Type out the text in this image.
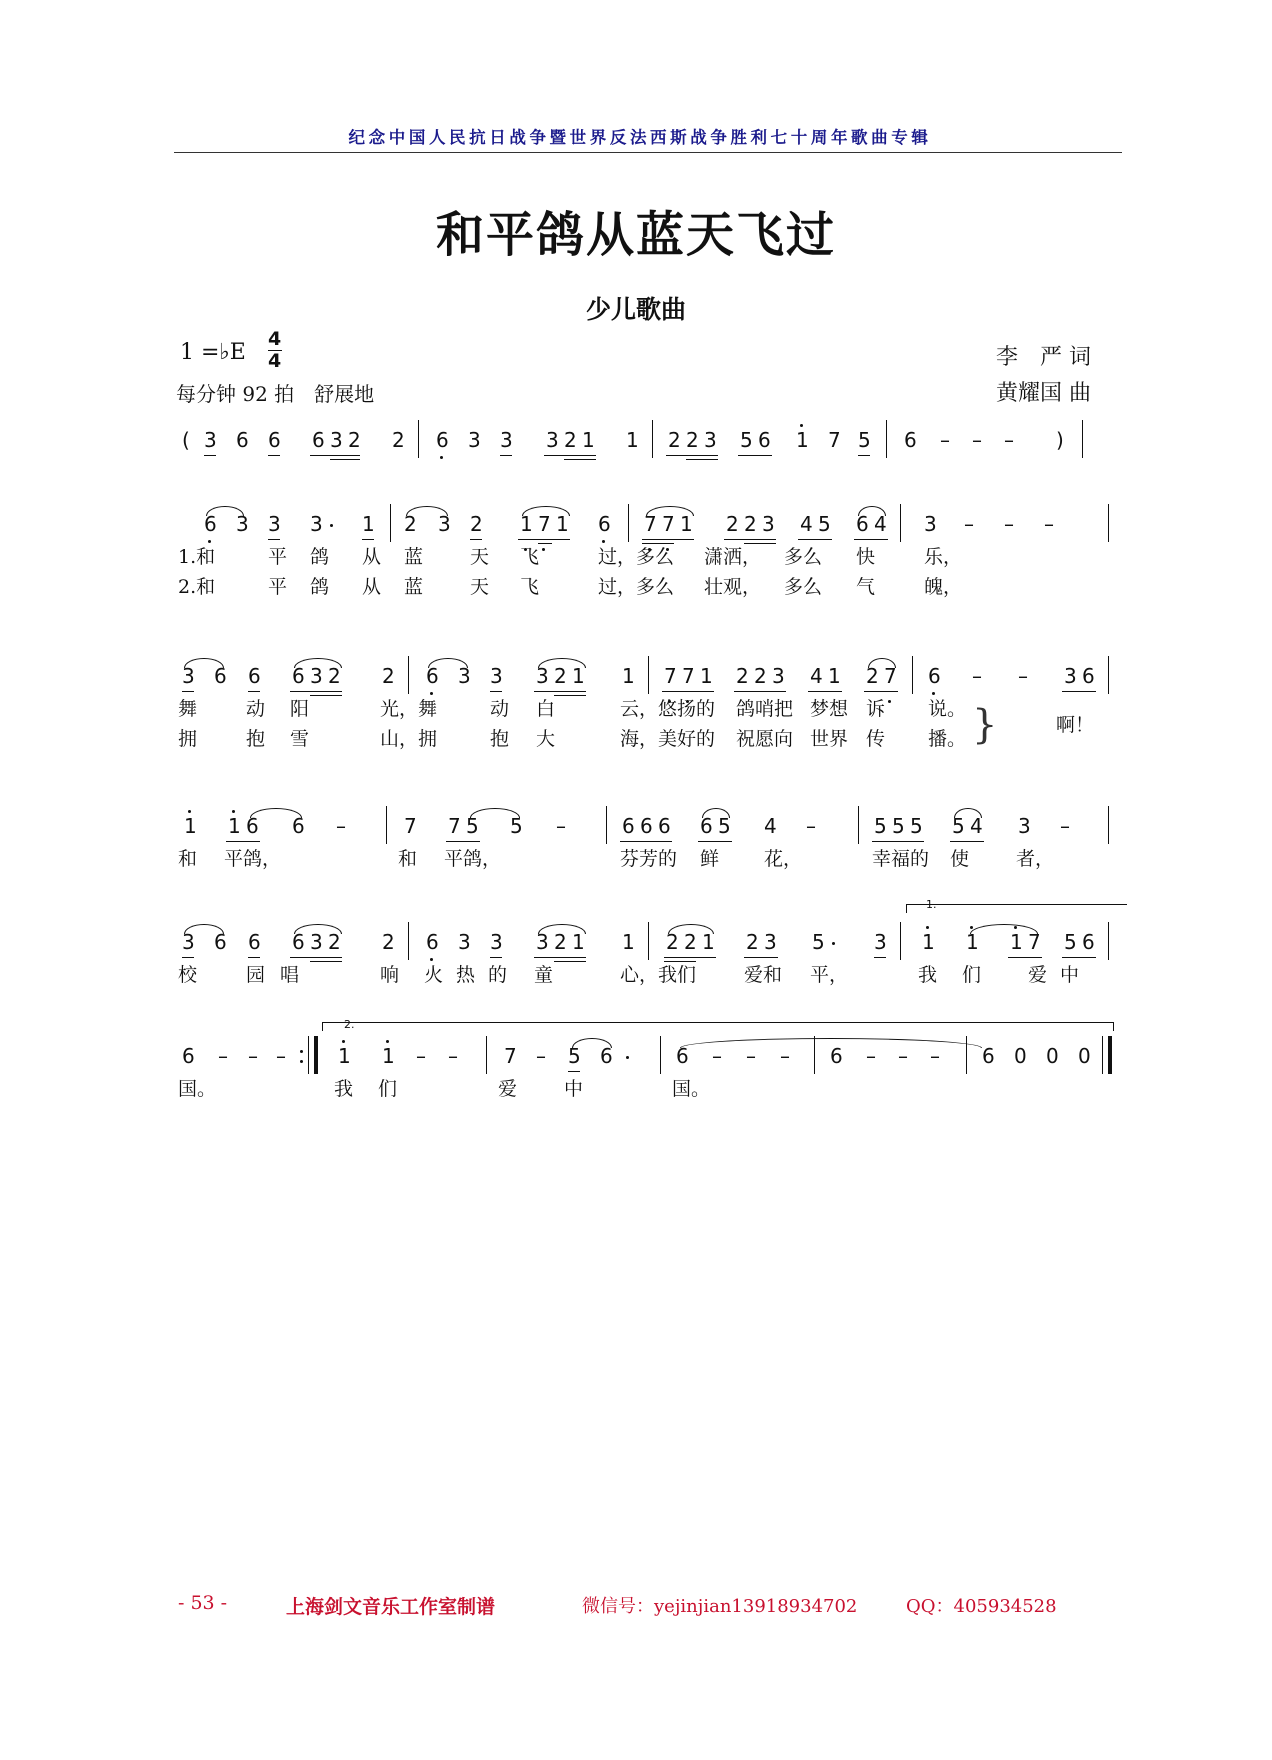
纪念中国人民抗日战争暨世界反法西斯战争胜利七十周年歌曲专辑
和平鸽从蓝天飞过
少儿歌曲
1 =♭E
4
4
每分钟 92 拍　舒展地
李　严 词
黄耀国 曲
( 3 6 6 6 3 2 2 6 3 3 3 2 1 1 2 2 3 5 6 1 7 5 6 – – – )
6 3 3 3 1 2 3 2 1 7 1 6 7 7 1 2 2 3 4 5 6 4 3 – – –
1.和	平 鸽 从 蓝 天 飞	过，多么 潇洒， 多么 快	乐，
2.和	平 鸽 从 蓝 天 飞	过，多么 壮观， 多么 气	魄，
3 6 6 6 3 2 2 6 3 3 3 2 1 1 7 7 1 2 2 3 4 1 2 7 6 – – 3 6
舞	动 阳	光，舞	动 白	云，悠扬的 鸽哨把 梦想 诉 说。
拥	抱 雪	山，拥	抱 大	海，美好的 祝愿向 世界 传 播。 }	啊！
1 1 6 6 –	7 7 5 5 –	6 6 6 6 5 4 –	5 5 5 5 4 3 –
和 平鸽，	和 平鸽，	芬芳的 鲜 花，	幸福的 使 者，
1.
3 6 6 6 3 2 2 6 3 3 3 2 1 1 2 2 1 2 3 5 3 1 1 1 7 5 6
校	园 唱	响 火 热 的 童	心，我们	爱和 平，	我 们 爱 中
2.
6 – – –	1 1 – – 7 – 5 6	6 – – – 6 – – – 6 0 0 0
国。	我 们	爱 中	国。
- 53 -	上海剑文音乐工作室制谱	微信号：yejinjian13918934702	QQ：405934528
